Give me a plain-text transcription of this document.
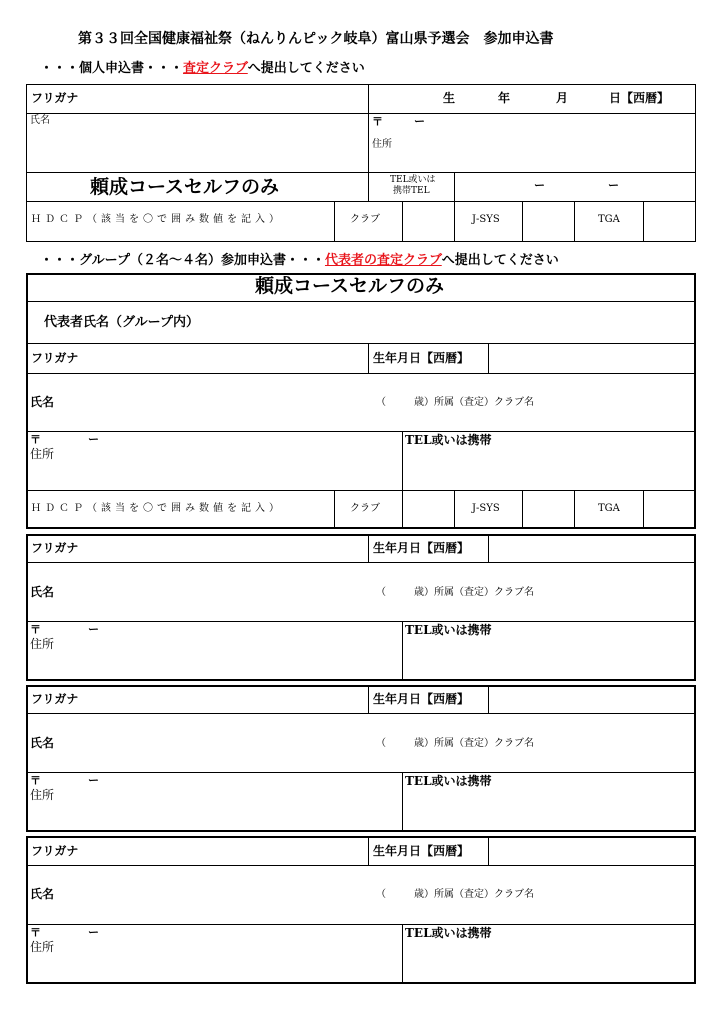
第３３回全国健康福祉祭（ねんりんピック岐阜）富山県予選会　参加申込書
・・・個人申込書・・・査定クラブへ提出してください
フリガナ	生	年	月	日【西暦】
氏名	〒	ー
住所
頼成コースセルフのみ	TEL或いは
携帯TEL	ー	ー
ＨＤＣＰ（該当を〇で囲み数値を記入）	クラブ	J-SYS	TGA
・・・グループ（２名～４名）参加申込書・・・代表者の査定クラブへ提出してください
頼成コースセルフのみ
代表者氏名（グループ内）
フリガナ	生年月日【西暦】
氏名	（	歳）所属（査定）クラブ名
〒	ー
住所
TEL或いは携帯
ＨＤＣＰ（該当を〇で囲み数値を記入）	クラブ	J-SYS	TGA
フリガナ	生年月日【西暦】
氏名	（	歳）所属（査定）クラブ名
〒	ー
住所
TEL或いは携帯
フリガナ	生年月日【西暦】
氏名	（	歳）所属（査定）クラブ名
〒	ー
住所
TEL或いは携帯
フリガナ	生年月日【西暦】
氏名	（	歳）所属（査定）クラブ名
〒	ー
住所
TEL或いは携帯
